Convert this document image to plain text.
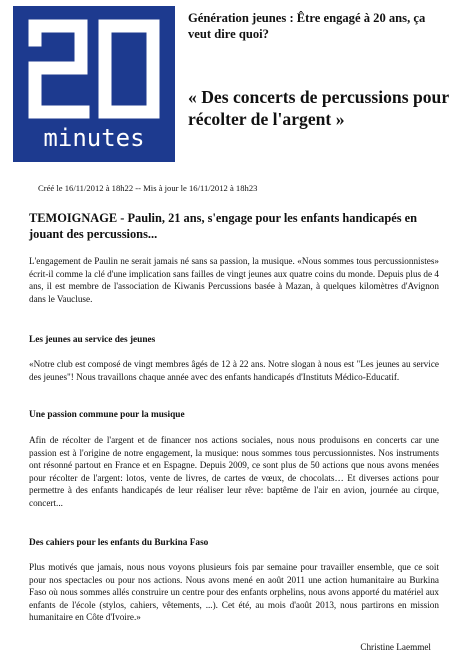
minutes
Génération jeunes : Être engagé à 20 ans, ça veut dire quoi?
« Des concerts de percussions pour récolter de l'argent »
Créé le 16/11/2012 à 18h22 -- Mis à jour le 16/11/2012 à 18h23
TEMOIGNAGE - Paulin, 21 ans, s'engage pour les enfants handicapés en jouant des percussions...
L'engagement de Paulin ne serait jamais né sans sa passion, la musique. «Nous sommes tous percussionnistes» écrit-il comme la clé d'une implication sans failles de vingt jeunes aux quatre coins du monde. Depuis plus de 4 ans, il est membre de l'association de Kiwanis Percussions basée à Mazan, à quelques kilomètres d'Avignon dans le Vaucluse.
Les jeunes au service des jeunes
«Notre club est composé de vingt membres âgés de 12 à 22 ans. Notre slogan à nous est "Les jeunes au service des jeunes"! Nous travaillons chaque année avec des enfants handicapés d'Instituts Médico-Educatif.
Une passion commune pour la musique
Afin de récolter de l'argent et de financer nos actions sociales, nous nous produisons en concerts car une passion est à l'origine de notre engagement, la musique: nous sommes tous percussionnistes. Nos instruments ont résonné partout en France et en Espagne. Depuis 2009, ce sont plus de 50 actions que nous avons menées pour récolter de l'argent: lotos, vente de livres, de cartes de vœux, de chocolats… Et diverses actions pour permettre à des enfants handicapés de leur réaliser leur rêve: baptême de l'air en avion, journée au cirque, concert...
Des cahiers pour les enfants du Burkina Faso
Plus motivés que jamais, nous nous voyons plusieurs fois par semaine pour travailler ensemble, que ce soit pour nos spectacles ou pour nos actions. Nous avons mené en août 2011 une action humanitaire au Burkina Faso où nous sommes allés construire un centre pour des enfants orphelins, nous avons apporté du matériel aux enfants de l'école (stylos, cahiers, vêtements, ...). Cet été, au mois d'août 2013, nous partirons en mission humanitaire en Côte d'Ivoire.»
Christine Laemmel
